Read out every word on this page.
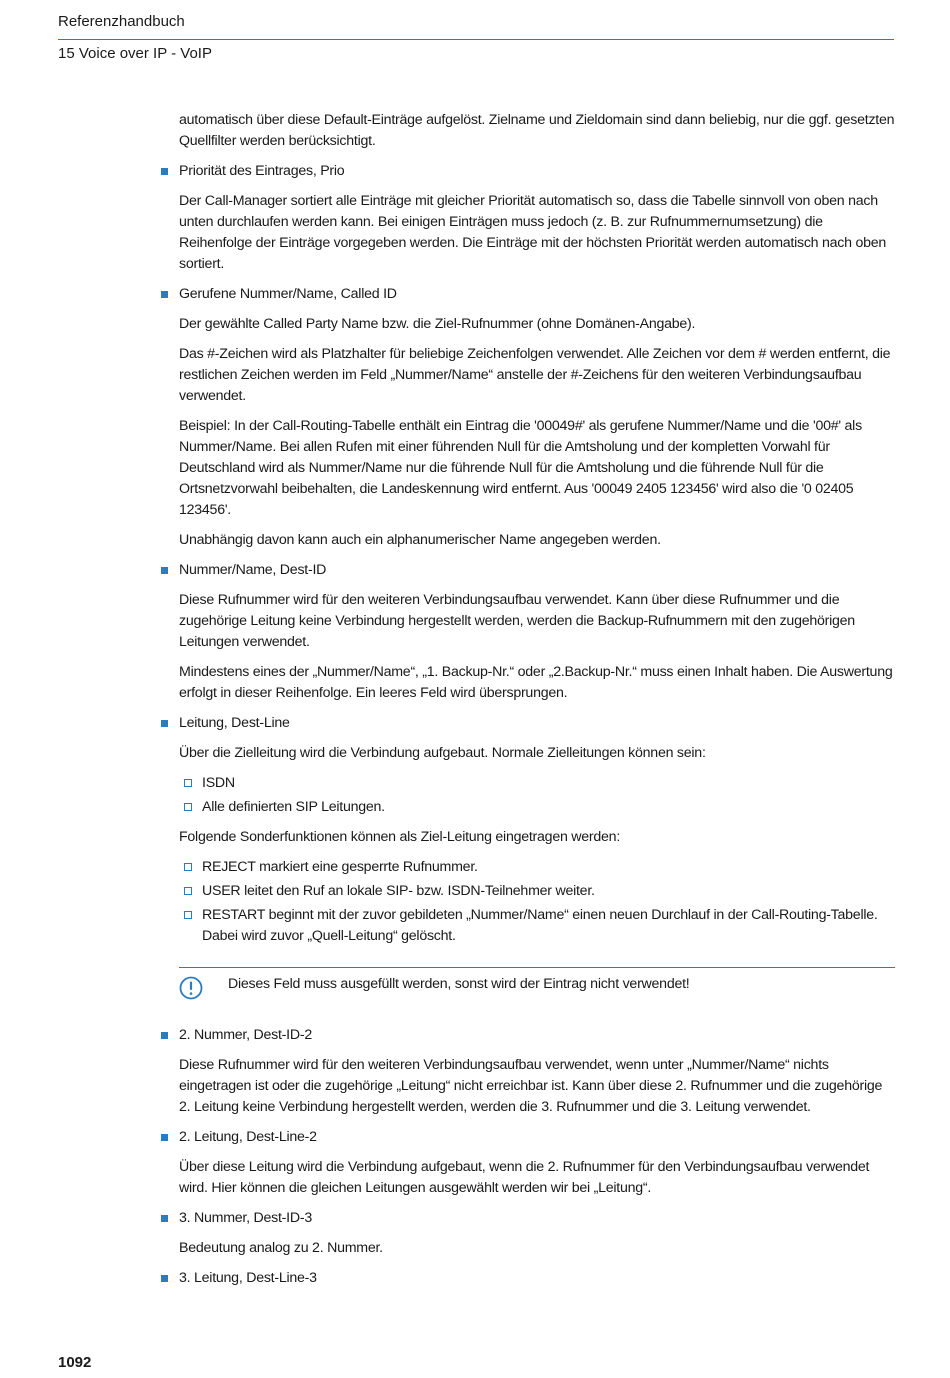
Referenzhandbuch
15 Voice over IP - VoIP

automatisch über diese Default-Einträge aufgelöst. Zielname und Zieldomain sind dann beliebig, nur die ggf. gesetzten Quellfilter werden berücksichtigt.

Priorität des Eintrages, Prio

Der Call-Manager sortiert alle Einträge mit gleicher Priorität automatisch so, dass die Tabelle sinnvoll von oben nach unten durchlaufen werden kann. Bei einigen Einträgen muss jedoch (z. B. zur Rufnummernumsetzung) die Reihenfolge der Einträge vorgegeben werden. Die Einträge mit der höchsten Priorität werden automatisch nach oben sortiert.

Gerufene Nummer/Name, Called ID

Der gewählte Called Party Name bzw. die Ziel-Rufnummer (ohne Domänen-Angabe).

Das #-Zeichen wird als Platzhalter für beliebige Zeichenfolgen verwendet. Alle Zeichen vor dem # werden entfernt, die restlichen Zeichen werden im Feld „Nummer/Name“ anstelle der #-Zeichens für den weiteren Verbindungsaufbau verwendet.

Beispiel: In der Call-Routing-Tabelle enthält ein Eintrag die '00049#' als gerufene Nummer/Name und die '00#' als Nummer/Name. Bei allen Rufen mit einer führenden Null für die Amtsholung und der kompletten Vorwahl für Deutschland wird als Nummer/Name nur die führende Null für die Amtsholung und die führende Null für die Ortsnetzvorwahl beibehalten, die Landeskennung wird entfernt. Aus '00049 2405 123456' wird also die '0 02405 123456'.

Unabhängig davon kann auch ein alphanumerischer Name angegeben werden.

Nummer/Name, Dest-ID

Diese Rufnummer wird für den weiteren Verbindungsaufbau verwendet. Kann über diese Rufnummer und die zugehörige Leitung keine Verbindung hergestellt werden, werden die Backup-Rufnummern mit den zugehörigen Leitungen verwendet.

Mindestens eines der „Nummer/Name“, „1. Backup-Nr.“ oder „2.Backup-Nr.“ muss einen Inhalt haben. Die Auswertung erfolgt in dieser Reihenfolge. Ein leeres Feld wird übersprungen.

Leitung, Dest-Line

Über die Zielleitung wird die Verbindung aufgebaut. Normale Zielleitungen können sein:

ISDN
Alle definierten SIP Leitungen.

Folgende Sonderfunktionen können als Ziel-Leitung eingetragen werden:

REJECT markiert eine gesperrte Rufnummer.
USER leitet den Ruf an lokale SIP- bzw. ISDN-Teilnehmer weiter.
RESTART beginnt mit der zuvor gebildeten „Nummer/Name“ einen neuen Durchlauf in der Call-Routing-Tabelle. Dabei wird zuvor „Quell-Leitung“ gelöscht.
Dieses Feld muss ausgefüllt werden, sonst wird der Eintrag nicht verwendet!
2. Nummer, Dest-ID-2

Diese Rufnummer wird für den weiteren Verbindungsaufbau verwendet, wenn unter „Nummer/Name“ nichts eingetragen ist oder die zugehörige „Leitung“ nicht erreichbar ist. Kann über diese 2. Rufnummer und die zugehörige 2. Leitung keine Verbindung hergestellt werden, werden die 3. Rufnummer und die 3. Leitung verwendet.

2. Leitung, Dest-Line-2

Über diese Leitung wird die Verbindung aufgebaut, wenn die 2. Rufnummer für den Verbindungsaufbau verwendet wird. Hier können die gleichen Leitungen ausgewählt werden wir bei „Leitung“.

3. Nummer, Dest-ID-3

Bedeutung analog zu 2. Nummer.

3. Leitung, Dest-Line-3
1092
